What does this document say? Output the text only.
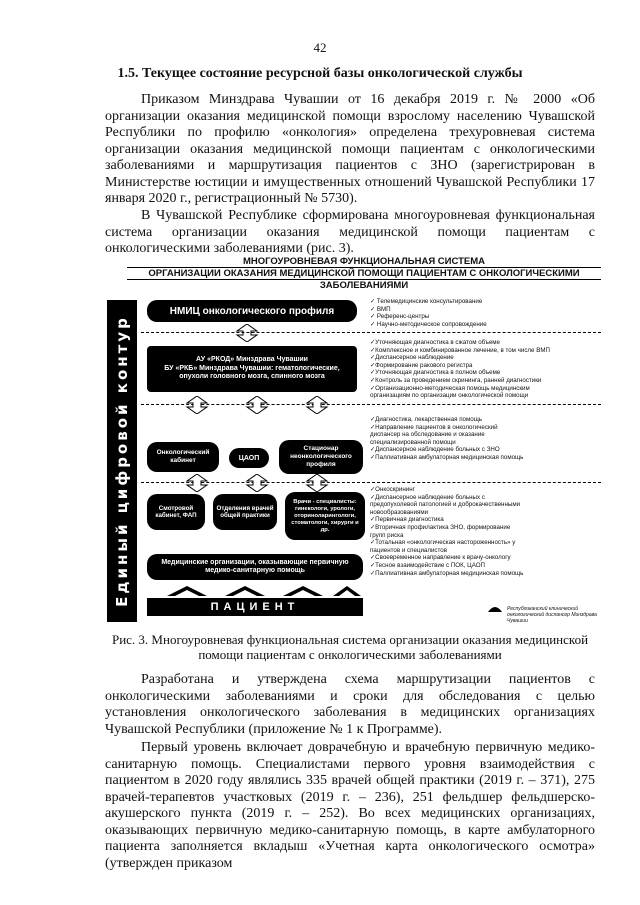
42
1.5. Текущее состояние ресурсной базы онкологической службы

Приказом Минздрава Чувашии от 16 декабря 2019 г. № 2000 «Об организации оказания медицинской помощи взрослому населению Чувашской Республики по профилю «онкология» определена трехуровневая система организации оказания медицинской помощи пациентам с онкологическими заболеваниями и маршрутизация пациентов с ЗНО (зарегистрирован в Министерстве юстиции и имущественных отношений Чувашской Республики 17 января 2020 г., регистрационный № 5730).

В Чувашской Республике сформирована многоуровневая функциональная система организации оказания медицинской помощи пациентам с онкологическими заболеваниями (рис. 3).

МНОГОУРОВНЕВАЯ ФУНКЦИОНАЛЬНАЯ СИСТЕМА
ОРГАНИЗАЦИИ ОКАЗАНИЯ МЕДИЦИНСКОЙ ПОМОЩИ ПАЦИЕНТАМ С ОНКОЛОГИЧЕСКИМИ
ЗАБОЛЕВАНИЯМИ
Единый цифровой контур
НМИЦ онкологического профиля
✓ Телемедицинские консультирование
✓ ВМП
✓ Референс-центры
✓ Научно-методическое сопровождение
АУ «РКОД» Минздрава Чувашии
БУ «РКБ» Минздрава Чувашии: гематологические, опухоли головного мозга, спинного мозга
✓Уточняющая диагностика в сжатом объеме
✓Комплексное и комбинированное лечение, в том числе ВМП
✓Диспансерное наблюдение
✓Формирование ракового регистра
✓Уточняющая диагностика в полном объеме
✓Контроль за проведением скрининга, ранней диагностики
✓Организационно-методическая помощь медицинским
организациям по организации онкологической помощи
Онкологический кабинет	ЦАОП
Стационар неонкологического профиля
✓Диагностика, лекарственная помощь
✓Направление пациентов в онкологический
диспансер на обследование и оказание
специализированной помощи
✓Диспансерное наблюдение больных с ЗНО
✓Паллиативная амбулаторная медицинская помощь
Смотровой кабинет, ФАП
Отделения врачей общей практики
Врачи - специалисты: гинекологи, урологи, оториноларингологи, стоматологи, хирурги и др.
Медицинские организации, оказывающие первичную медико-санитарную помощь
✓Онкоскрининг
✓Диспансерное наблюдение больных с
предопухолевой патологией и доброкачественными
новообразованиями
✓Первичная диагностика
✓Вторичная профилактика ЗНО, формирование
групп риска
✓Тотальная «онкологическая настороженность» у
пациентов и специалистов
✓Своевременное направление к врачу-онкологу
✓Тесное взаимодействие с ПОК, ЦАОП
✓Паллиативная амбулаторная медицинская помощь
ПАЦИЕНТ	Республиканский клинический онкологический диспансер Минздрава Чувашии
Рис. 3. Многоуровневая функциональная система организации оказания медицинской помощи пациентам с онкологическими заболеваниями

Разработана и утверждена схема маршрутизации пациентов с онкологическими заболеваниями и сроки для обследования с целью установления онкологического заболевания в медицинских организациях Чувашской Республики (приложение № 1 к Программе).

Первый уровень включает доврачебную и врачебную первичную медико-санитарную помощь. Специалистами первого уровня взаимодействия с пациентом в 2020 году являлись 335 врачей общей практики (2019 г. – 371), 275 врачей-терапевтов участковых (2019 г. – 236), 251 фельдшер фельдшерско-акушерского пункта (2019 г. – 252). Во всех медицинских организациях, оказывающих первичную медико-санитарную помощь, в карте амбулаторного пациента заполняется вкладыш «Учетная карта онкологического осмотра» (утвержден приказом
